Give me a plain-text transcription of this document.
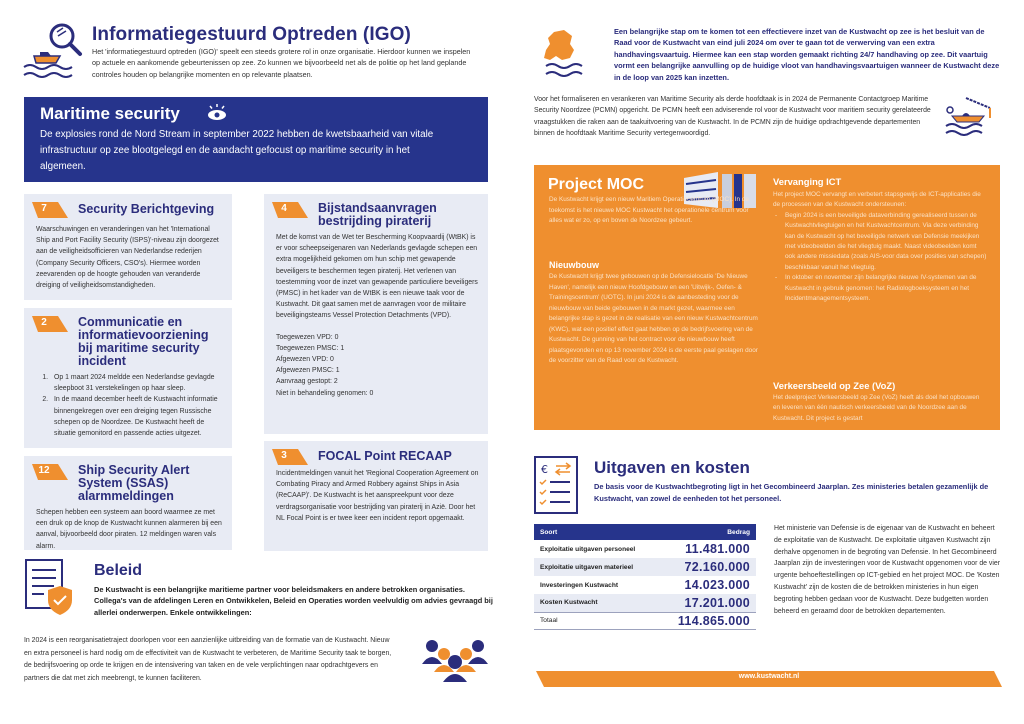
Informatiegestuurd Optreden (IGO)
Het 'informatiegestuurd optreden (IGO)' speelt een steeds grotere rol in onze organisatie. Hierdoor kunnen we inspelen op actuele en aankomende gebeurtenissen op zee. Zo kunnen we bijvoorbeeld net als de politie op het land geplande controles houden op belangrijke momenten en op relevante plaatsen.
Maritime security
De explosies rond de Nord Stream in september 2022 hebben de kwetsbaarheid van vitale infrastructuur op zee blootgelegd en de aandacht gefocust op maritime security in het algemeen.
7	Security Berichtgeving
Waarschuwingen en veranderingen van het 'International Ship and Port Facility Security (ISPS)'-niveau zijn doorgezet aan de veiligheidsofficieren van Nederlandse rederijen (Company Security Officers, CSO's). Hiermee worden zeevarenden op de hoogte gehouden van veranderde dreiging of veiligheidsomstandigheden.
2	Communicatie en informatievoorziening bij maritime security incident
1. Op 1 maart 2024 meldde een Nederlandse gevlagde sleepboot 31 verstekelingen op haar sleep.
2. In de maand december heeft de Kustwacht informatie binnengekregen over een dreiging tegen Russische schepen op de Noordzee. De Kustwacht heeft de situatie gemonitord en passende acties uitgezet.
12	Ship Security Alert System (SSAS) alarmmeldingen
Schepen hebben een systeem aan boord waarmee ze met een druk op de knop de Kustwacht kunnen alarmeren bij een aanval, bijvoorbeeld door piraten. 12 meldingen waren vals alarm.
4	Bijstandsaanvragen bestrijding piraterij
Met de komst van de Wet ter Bescherming Koopvaardij (WtBK) is er voor scheepseigenaren van Nederlands gevlagde schepen een extra mogelijkheid gekomen om hun schip met gewapende beveiligers te beschermen tegen piraterij. Het verlenen van toestemming voor de inzet van gewapende particuliere beveiligers (PMSC) in het kader van de WtBK is een nieuwe taak voor de Kustwacht. Dit gaat samen met de aanvragen voor de militaire beveiligingsteams Vessel Protection Detachments (VPD).
Toegewezen VPD: 0
Toegewezen PMSC: 1
Afgewezen VPD: 0
Afgewezen PMSC: 1
Aanvraag gestopt: 2
Niet in behandeling genomen: 0
3	FOCAL Point RECAAP
Incidentmeldingen vanuit het 'Regional Cooperation Agreement on Combating Piracy and Armed Robbery against Ships in Asia (ReCAAP)'. De Kustwacht is het aanspreekpunt voor deze verdragsorganisatie voor bestrijding van piraterij in Azië. Door het NL Focal Point is er twee keer een incident report opgemaakt.
Beleid
De Kustwacht is een belangrijke maritieme partner voor beleidsmakers en andere betrokken organisaties. Collega's van de afdelingen Leren en Ontwikkelen, Beleid en Operaties worden veelvuldig om advies gevraagd bij allerlei onderwerpen. Enkele ontwikkelingen:
In 2024 is een reorganisatietraject doorlopen voor een aanzienlijke uitbreiding van de formatie van de Kustwacht. Nieuw en extra personeel is hard nodig om de effectiviteit van de Kustwacht te verbeteren, de Maritime Security taak te borgen, de bedrijfsvoering op orde te krijgen en de intensivering van taken en de vele verplichtingen naar opdrachtgevers en partners die dat met zich meebrengt, te kunnen faciliteren.
Een belangrijke stap om te komen tot een effectievere inzet van de Kustwacht op zee is het besluit van de Raad voor de Kustwacht van eind juli 2024 om over te gaan tot de verwerving van een extra handhavingsvaartuig. Hiermee kan een stap worden gemaakt richting 24/7 handhaving op zee. Dit vaartuig vormt een belangrijke aanvulling op de huidige vloot van handhavingsvaartuigen wanneer de Kustwacht deze in de loop van 2025 kan inzetten.
Voor het formaliseren en verankeren van Maritime Security als derde hoofdtaak is in 2024 de Permanente Contactgroep Maritime Security Noordzee (PCMN) opgericht. De PCMN heeft een adviserende rol voor de Kustwacht voor maritiem security gerelateerde vraagstukken die raken aan de taakuitvoering van de Kustwacht. In de PCMN zijn de huidige opdrachtgevende departementen binnen de hoofdtaak Maritime Security vertegenwoordigd.
Project MOC
De Kustwacht krijgt een nieuw Maritiem Operatiecentrum (MOC). In de toekomst is het nieuwe MOC Kustwacht het operationele centrum voor alles wat er zo, op en boven de Noordzee gebeurt.
Nieuwbouw
De Kustwacht krijgt twee gebouwen op de Defensielocatie 'De Nieuwe Haven', namelijk een nieuw Hoofdgebouw en een 'Uitwijk-, Oefen- & Trainingscentrum' (UOTC). In juni 2024 is de aanbesteding voor de nieuwbouw van beide gebouwen in de markt gezet, waarmee een belangrijke stap is gezet in de realisatie van een nieuw Kustwachtcentrum (KWC), wat een positief effect gaat hebben op de bedrijfsvoering van de Kustwacht. De gunning van het contract voor de nieuwbouw heeft plaatsgevonden en op 13 november 2024 is de eerste paal geslagen door de voorzitter van de Raad voor de Kustwacht.
Vervanging ICT
Het project MOC vervangt en verbetert stapsgewijs de ICT-applicaties die de processen van de Kustwacht ondersteunen:
- Begin 2024 is een beveiligde dataverbinding gerealiseerd tussen de Kustwachtvliegtuigen en het Kustwachtcentrum. Via deze verbinding kan de Kustwacht op het beveiligde netwerk van Defensie meekijken met videobeelden die het vliegtuig maakt. Naast videobeelden komt ook andere missiedata (zoals AIS-voor data over posities van schepen) beschikbaar vanuit het vliegtuig.
- In oktober en november zijn belangrijke nieuwe IV-systemen van de Kustwacht in gebruik genomen: het Radiologboeksysteem en het Incidentmanagementsysteem.
Verkeersbeeld op Zee (VoZ)
Het deelproject Verkeersbeeld op Zee (VoZ) heeft als doel het opbouwen en leveren van één nautisch verkeersbeeld van de Noordzee aan de Kustwacht. Dit project is gestart
€	Uitgaven en kosten
De basis voor de Kustwachtbegroting ligt in het Gecombineerd Jaarplan. Zes ministeries betalen gezamenlijk de Kustwacht, van zowel de eenheden tot het personeel.
Soort	Bedrag
Exploitatie uitgaven personeel	11.481.000
Exploitatie uitgaven materieel	72.160.000
Investeringen Kustwacht	14.023.000
Kosten Kustwacht	17.201.000
Totaal	114.865.000
Het ministerie van Defensie is de eigenaar van de Kustwacht en beheert de exploitatie van de Kustwacht. De exploitatie uitgaven Kustwacht zijn derhalve opgenomen in de begroting van Defensie. In het Gecombineerd Jaarplan zijn de investeringen voor de Kustwacht opgenomen voor de vier urgente behoeftestellingen op ICT-gebied en het project MOC. De 'Kosten Kustwacht' zijn de kosten die de betrokken ministeries in hun eigen begroting hebben gedaan voor de Kustwacht. Deze budgetten worden beheerd en geraamd door de betrokken departementen.
www.kustwacht.nl
